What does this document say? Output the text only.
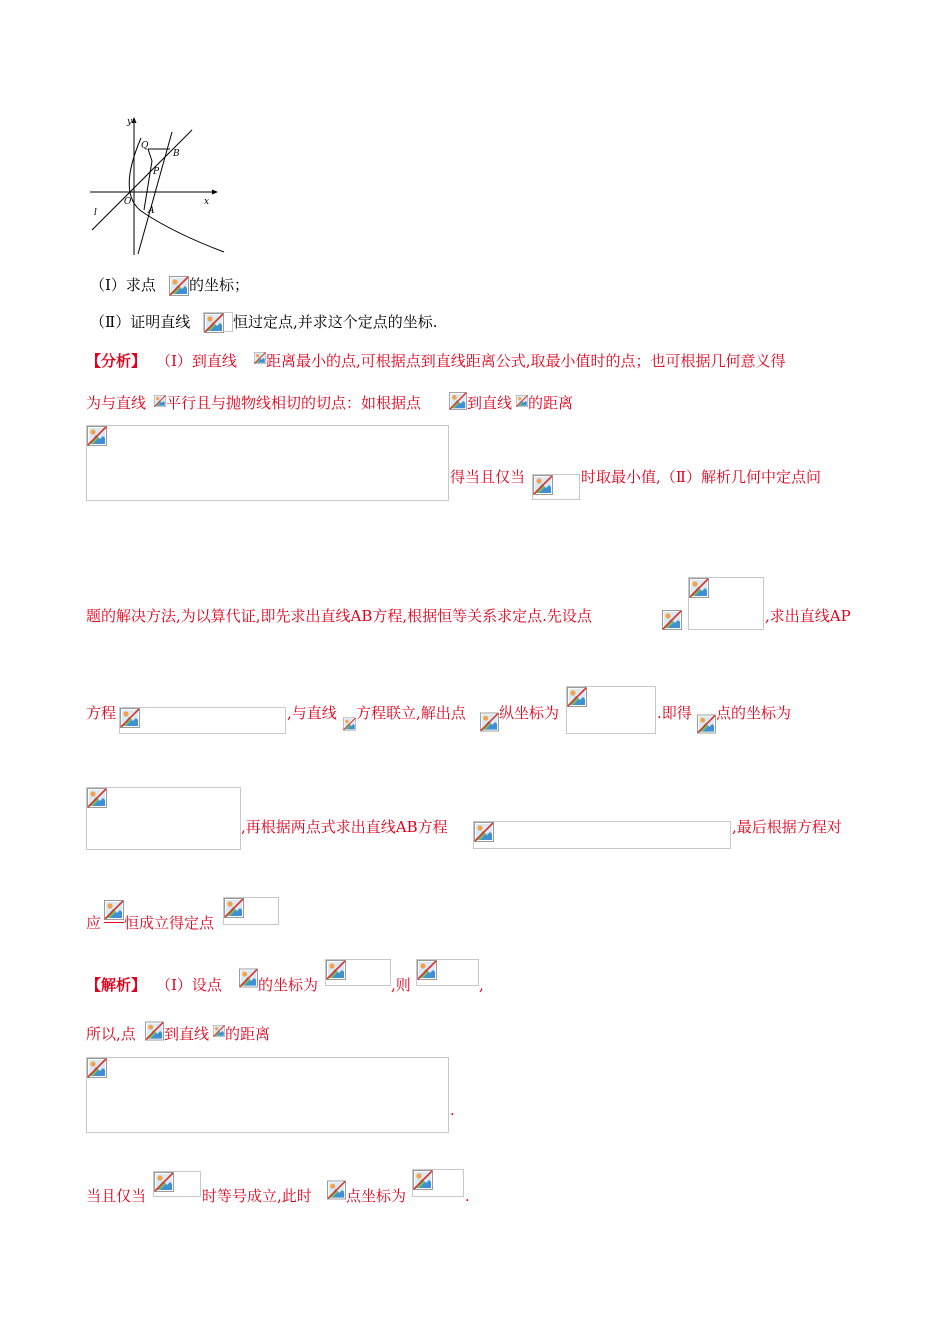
y
x
Q
B
P
O
A
l
（Ⅰ）求点 的坐标；
（Ⅱ）证明直线	恒过定点,并求这个定点的坐标.
【分析】 （Ⅰ）到直线 距离最小的点,可根据点到直线距离公式,取最小值时的点；也可根据几何意义得
为与直线 平行且与抛物线相切的切点：如根据点	到直线 的距离
得当且仅当	时取最小值,（Ⅱ）解析几何中定点问
题的解决方法,为以算代证,即先求出直线AB方程,根据恒等关系求定点.先设点	,求出直线AP
方程	,与直线 方程联立,解出点 纵坐标为	.即得 点的坐标为
,再根据两点式求出直线AB方程	,最后根据方程对
应 恒成立得定点
【解析】 （Ⅰ）设点 的坐标为	,则	,
所以,点 到直线 的距离
.
当且仅当	时等号成立,此时 点坐标为	.
